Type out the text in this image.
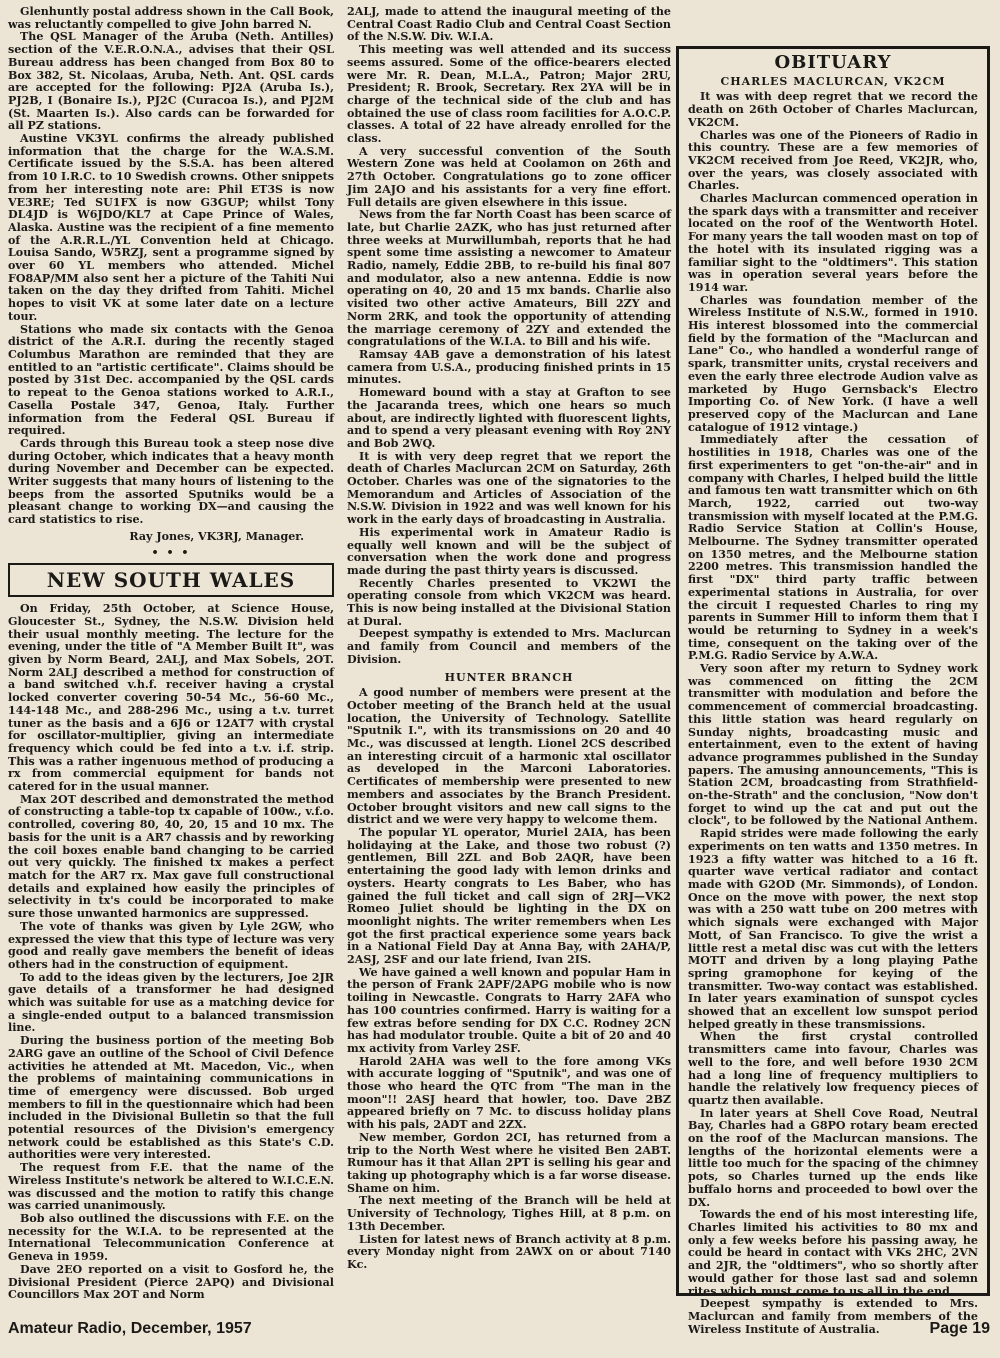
Glenhuntly postal address shown in the Call Book, was reluctantly compelled to give John barred N.

The QSL Manager of the Aruba (Neth. Antilles) section of the V.E.R.O.N.A., advises that their QSL Bureau address has been changed from Box 80 to Box 382, St. Nicolaas, Aruba, Neth. Ant. QSL cards are accepted for the following: PJ2A (Aruba Is.), PJ2B, I (Bonaire Is.), PJ2C (Curacoa Is.), and PJ2M (St. Maarten Is.). Also cards can be forwarded for all PZ stations.

Austine VK3YL confirms the already published information that the charge for the W.A.S.M. Certificate issued by the S.S.A. has been altered from 10 I.R.C. to 10 Swedish crowns. Other snippets from her interesting note are: Phil ET3S is now VE3RE; Ted SU1FX is now G3GUP; whilst Tony DL4JD is W6JDO/KL7 at Cape Prince of Wales, Alaska. Austine was the recipient of a fine memento of the A.R.R.L./YL Convention held at Chicago. Louisa Sando, W5RZJ, sent a programme signed by over 60 YL members who attended. Michel FO8AP/MM also sent her a picture of the Tahiti Nui taken on the day they drifted from Tahiti. Michel hopes to visit VK at some later date on a lecture tour.

Stations who made six contacts with the Genoa district of the A.R.I. during the recently staged Columbus Marathon are reminded that they are entitled to an "artistic certificate". Claims should be posted by 31st Dec. accompanied by the QSL cards to repeat to the Genoa stations worked to A.R.I., Casella Postale 347, Genoa, Italy. Further information from the Federal QSL Bureau if required.

Cards through this Bureau took a steep nose dive during October, which indicates that a heavy month during November and December can be expected. Writer suggests that many hours of listening to the beeps from the assorted Sputniks would be a pleasant change to working DX—and causing the card statistics to rise.

Ray Jones, VK3RJ, Manager.
• • •
NEW SOUTH WALES

On Friday, 25th October, at Science House, Gloucester St., Sydney, the N.S.W. Division held their usual monthly meeting. The lecture for the evening, under the title of "A Member Built It", was given by Norm Beard, 2ALJ, and Max Sobels, 2OT. Norm 2ALJ described a method for construction of a band switched v.h.f. receiver having a crystal locked converter covering 50-54 Mc., 56-60 Mc., 144-148 Mc., and 288-296 Mc., using a t.v. turret tuner as the basis and a 6J6 or 12AT7 with crystal for oscillator-multiplier, giving an intermediate frequency which could be fed into a t.v. i.f. strip. This was a rather ingenuous method of producing a rx from commercial equipment for bands not catered for in the usual manner.

Max 2OT described and demonstrated the method of constructing a table-top tx capable of 100w., v.f.o. controlled, covering 80, 40, 20, 15 and 10 mx. The basis for the unit is a AR7 chassis and by reworking the coil boxes enable band changing to be carried out very quickly. The finished tx makes a perfect match for the AR7 rx. Max gave full constructional details and explained how easily the principles of selectivity in tx's could be incorporated to make sure those unwanted harmonics are suppressed.

The vote of thanks was given by Lyle 2GW, who expressed the view that this type of lecture was very good and really gave members the benefit of ideas others had in the construction of equipment.

To add to the ideas given by the lecturers, Joe 2JR gave details of a transformer he had designed which was suitable for use as a matching device for a single-ended output to a balanced transmission line.

During the business portion of the meeting Bob 2ARG gave an outline of the School of Civil Defence activities he attended at Mt. Macedon, Vic., when the problems of maintaining communications in time of emergency were discussed. Bob urged members to fill in the questionnaire which had been included in the Divisional Bulletin so that the full potential resources of the Division's emergency network could be established as this State's C.D. authorities were very interested.

The request from F.E. that the name of the Wireless Institute's network be altered to W.I.C.E.N. was discussed and the motion to ratify this change was carried unanimously.

Bob also outlined the discussions with F.E. on the necessity for the W.I.A. to be represented at the International Telecommunication Conference at Geneva in 1959.

Dave 2EO reported on a visit to Gosford he, the Divisional President (Pierce 2APQ) and Divisional Councillors Max 2OT and Norm

2ALJ, made to attend the inaugural meeting of the Central Coast Radio Club and Central Coast Section of the N.S.W. Div. W.I.A.

This meeting was well attended and its success seems assured. Some of the office-bearers elected were Mr. R. Dean, M.L.A., Patron; Major 2RU, President; R. Brook, Secretary. Rex 2YA will be in charge of the technical side of the club and has obtained the use of class room facilities for A.O.C.P. classes. A total of 22 have already enrolled for the class.

A very successful convention of the South Western Zone was held at Coolamon on 26th and 27th October. Congratulations go to zone officer Jim 2AJO and his assistants for a very fine effort. Full details are given elsewhere in this issue.

News from the far North Coast has been scarce of late, but Charlie 2AZK, who has just returned after three weeks at Murwillumbah, reports that he had spent some time assisting a newcomer to Amateur Radio, namely, Eddie 2BB, to re-build his final 807 and modulator, also a new antenna. Eddie is now operating on 40, 20 and 15 mx bands. Charlie also visited two other active Amateurs, Bill 2ZY and Norm 2RK, and took the opportunity of attending the marriage ceremony of 2ZY and extended the congratulations of the W.I.A. to Bill and his wife.

Ramsay 4AB gave a demonstration of his latest camera from U.S.A., producing finished prints in 15 minutes.

Homeward bound with a stay at Grafton to see the Jacaranda trees, which one hears so much about, are indirectly lighted with fluorescent lights, and to spend a very pleasant evening with Roy 2NY and Bob 2WQ.

It is with very deep regret that we report the death of Charles Maclurcan 2CM on Saturday, 26th October. Charles was one of the signatories to the Memorandum and Articles of Association of the N.S.W. Division in 1922 and was well known for his work in the early days of broadcasting in Australia.

His experimental work in Amateur Radio is equally well known and will be the subject of conversation when the work done and progress made during the past thirty years is discussed.

Recently Charles presented to VK2WI the operating console from which VK2CM was heard. This is now being installed at the Divisional Station at Dural.

Deepest sympathy is extended to Mrs. Maclurcan and family from Council and members of the Division.

HUNTER BRANCH

A good number of members were present at the October meeting of the Branch held at the usual location, the University of Technology. Satellite "Sputnik I.", with its transmissions on 20 and 40 Mc., was discussed at length. Lionel 2CS described an interesting circuit of a harmonic xtal oscillator as developed in the Marconi Laboratories. Certificates of membership were presented to new members and associates by the Branch President. October brought visitors and new call signs to the district and we were very happy to welcome them.

The popular YL operator, Muriel 2AIA, has been holidaying at the Lake, and those two robust (?) gentlemen, Bill 2ZL and Bob 2AQR, have been entertaining the good lady with lemon drinks and oysters. Hearty congrats to Les Baber, who has gained the full ticket and call sign of 2RJ—VK2 Romeo Juliet should be lighting in the DX on moonlight nights. The writer remembers when Les got the first practical experience some years back in a National Field Day at Anna Bay, with 2AHA/P, 2ASJ, 2SF and our late friend, Ivan 2IS.

We have gained a well known and popular Ham in the person of Frank 2APF/2APG mobile who is now toiling in Newcastle. Congrats to Harry 2AFA who has 100 countries confirmed. Harry is waiting for a few extras before sending for DX C.C. Rodney 2CN has had modulator trouble. Quite a bit of 20 and 40 mx activity from Varley 2SF.

Harold 2AHA was well to the fore among VKs with accurate logging of "Sputnik", and was one of those who heard the QTC from "The man in the moon"!! 2ASJ heard that howler, too. Dave 2BZ appeared briefly on 7 Mc. to discuss holiday plans with his pals, 2ADT and 2ZX.

New member, Gordon 2CI, has returned from a trip to the North West where he visited Ben 2ABT. Rumour has it that Allan 2PT is selling his gear and taking up photography which is a far worse disease. Shame on him.

The next meeting of the Branch will be held at University of Technology, Tighes Hill, at 8 p.m. on 13th December.

Listen for latest news of Branch activity at 8 p.m. every Monday night from 2AWX on or about 7140 Kc.

OBITUARY
CHARLES MACLURCAN, VK2CM

It was with deep regret that we record the death on 26th October of Charles Maclurcan, VK2CM.

Charles was one of the Pioneers of Radio in this country. These are a few memories of VK2CM received from Joe Reed, VK2JR, who, over the years, was closely associated with Charles.

Charles Maclurcan commenced operation in the spark days with a transmitter and receiver located on the roof of the Wentworth Hotel. For many years the tall wooden mast on top of the hotel with its insulated rigging was a familiar sight to the "oldtimers". This station was in operation several years before the 1914 war.

Charles was foundation member of the Wireless Institute of N.S.W., formed in 1910. His interest blossomed into the commercial field by the formation of the "Maclurcan and Lane" Co., who handled a wonderful range of spark, transmitter units, crystal receivers and even the early three electrode Audion valve as marketed by Hugo Gernsback's Electro Importing Co. of New York. (I have a well preserved copy of the Maclurcan and Lane catalogue of 1912 vintage.)

Immediately after the cessation of hostilities in 1918, Charles was one of the first experimenters to get "on-the-air" and in company with Charles, I helped build the little and famous ten watt transmitter which on 6th March, 1922, carried out two-way transmission with myself located at the P.M.G. Radio Service Station at Collin's House, Melbourne. The Sydney transmitter operated on 1350 metres, and the Melbourne station 2200 metres. This transmission handled the first "DX" third party traffic between experimental stations in Australia, for over the circuit I requested Charles to ring my parents in Summer Hill to inform them that I would be returning to Sydney in a week's time, consequent on the taking over of the P.M.G. Radio Service by A.W.A.

Very soon after my return to Sydney work was commenced on fitting the 2CM transmitter with modulation and before the commencement of commercial broadcasting. this little station was heard regularly on Sunday nights, broadcasting music and entertainment, even to the extent of having advance programmes published in the Sunday papers. The amusing announcements, "This is Station 2CM, broadcasting from Strathfield-on-the-Strath" and the conclusion, "Now don't forget to wind up the cat and put out the clock", to be followed by the National Anthem.

Rapid strides were made following the early experiments on ten watts and 1350 metres. In 1923 a fifty watter was hitched to a 16 ft. quarter wave vertical radiator and contact made with G2OD (Mr. Simmonds), of London. Once on the move with power, the next stop was with a 250 watt tube on 200 metres with which signals were exchanged with Major Mott, of San Francisco. To give the wrist a little rest a metal disc was cut with the letters MOTT and driven by a long playing Pathe spring gramophone for keying of the transmitter. Two-way contact was established. In later years examination of sunspot cycles showed that an excellent low sunspot period helped greatly in these transmissions.

When the first crystal controlled transmitters came into favour, Charles was well to the fore, and well before 1930 2CM had a long line of frequency multipliers to handle the relatively low frequency pieces of quartz then available.

In later years at Shell Cove Road, Neutral Bay, Charles had a G8PO rotary beam erected on the roof of the Maclurcan mansions. The lengths of the horizontal elements were a little too much for the spacing of the chimney pots, so Charles turned up the ends like buffalo horns and proceeded to bowl over the DX.

Towards the end of his most interesting life, Charles limited his activities to 80 mx and only a few weeks before his passing away, he could be heard in contact with VKs 2HC, 2VN and 2JR, the "oldtimers", who so shortly after would gather for those last sad and solemn rites which must come to us all in the end.

Deepest sympathy is extended to Mrs. Maclurcan and family from members of the Wireless Institute of Australia.

Amateur Radio, December, 1957	Page 19
